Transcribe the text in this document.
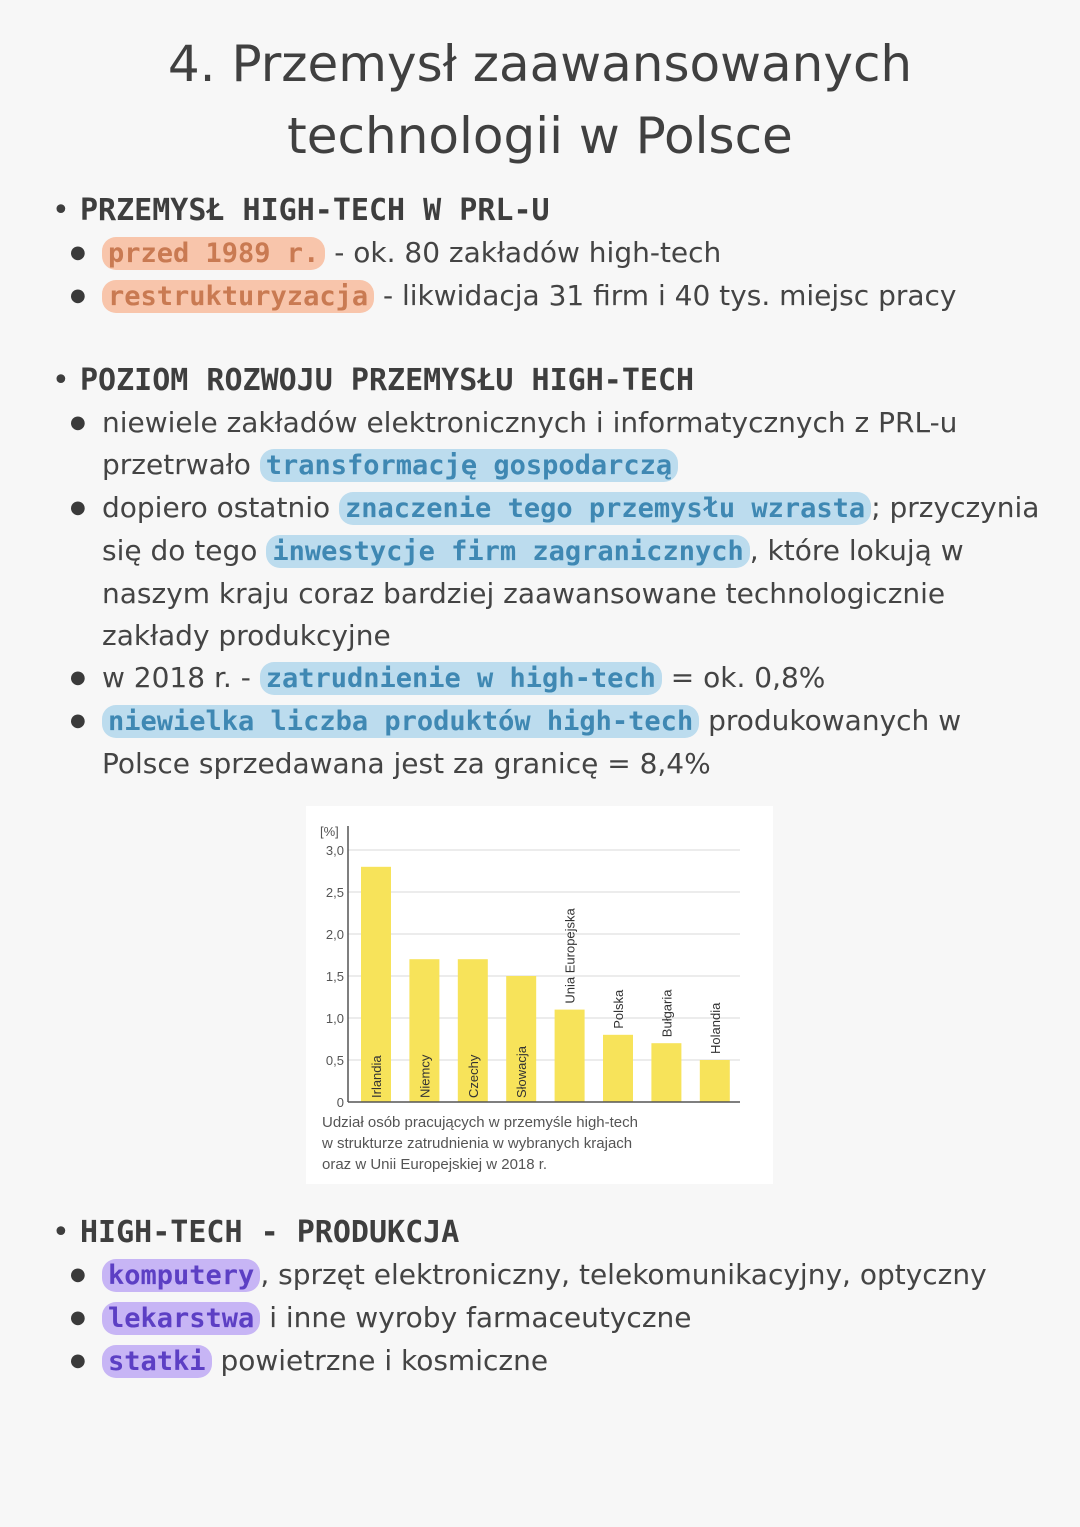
4. Przemysł zaawansowanych technologii w Polsce
• PRZEMYSŁ HIGH-TECH W PRL-U
● przed 1989 r. - ok. 80 zakładów high-tech
● restrukturyzacja - likwidacja 31 firm i 40 tys. miejsc pracy
• POZIOM ROZWOJU PRZEMYSŁU HIGH-TECH
● niewiele zakładów elektronicznych i informatycznych z PRL-u przetrwało transformację gospodarczą
● dopiero ostatnio znaczenie tego przemysłu wzrasta ; przyczynia się do tego inwestycje firm zagranicznych , które lokują w naszym kraju coraz bardziej zaawansowane technologicznie zakłady produkcyjne
● w 2018 r. - zatrudnienie w high-tech = ok. 0,8%
● niewielka liczba produktów high-tech produkowanych w Polsce sprzedawana jest za granicę = 8,4%
0
0,5
1,0
1,5
2,0
2,5
3,0
[%]
Irlandia	Niemcy	Czechy	Słowacja
Unia Europejska
Polska	Bułgaria	Holandia
Udział osób pracujących w przemyśle high-tech
w strukturze zatrudnienia w wybranych krajach
oraz w Unii Europejskiej w 2018 r.
• HIGH-TECH - PRODUKCJA
● komputery , sprzęt elektroniczny, telekomunikacyjny, optyczny
● lekarstwa i inne wyroby farmaceutyczne
● statki powietrzne i kosmiczne
